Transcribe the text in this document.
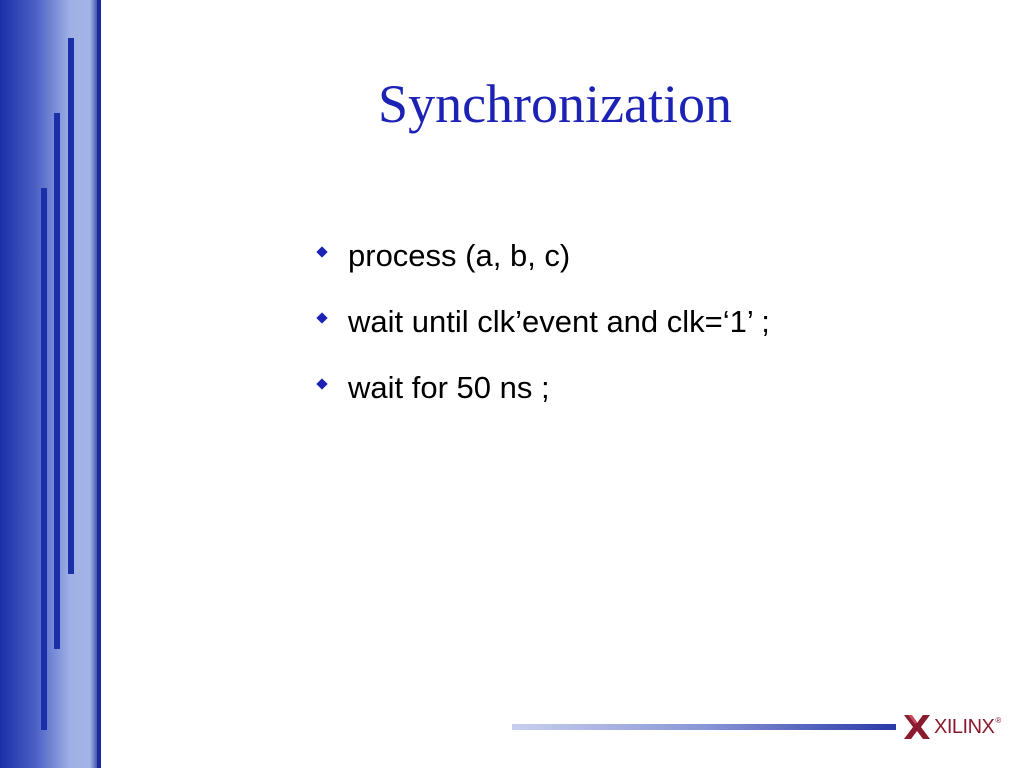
Synchronization
process (a, b, c)
wait until clk’event and clk=‘1’ ;
wait for 50 ns ;
XILINX ®
